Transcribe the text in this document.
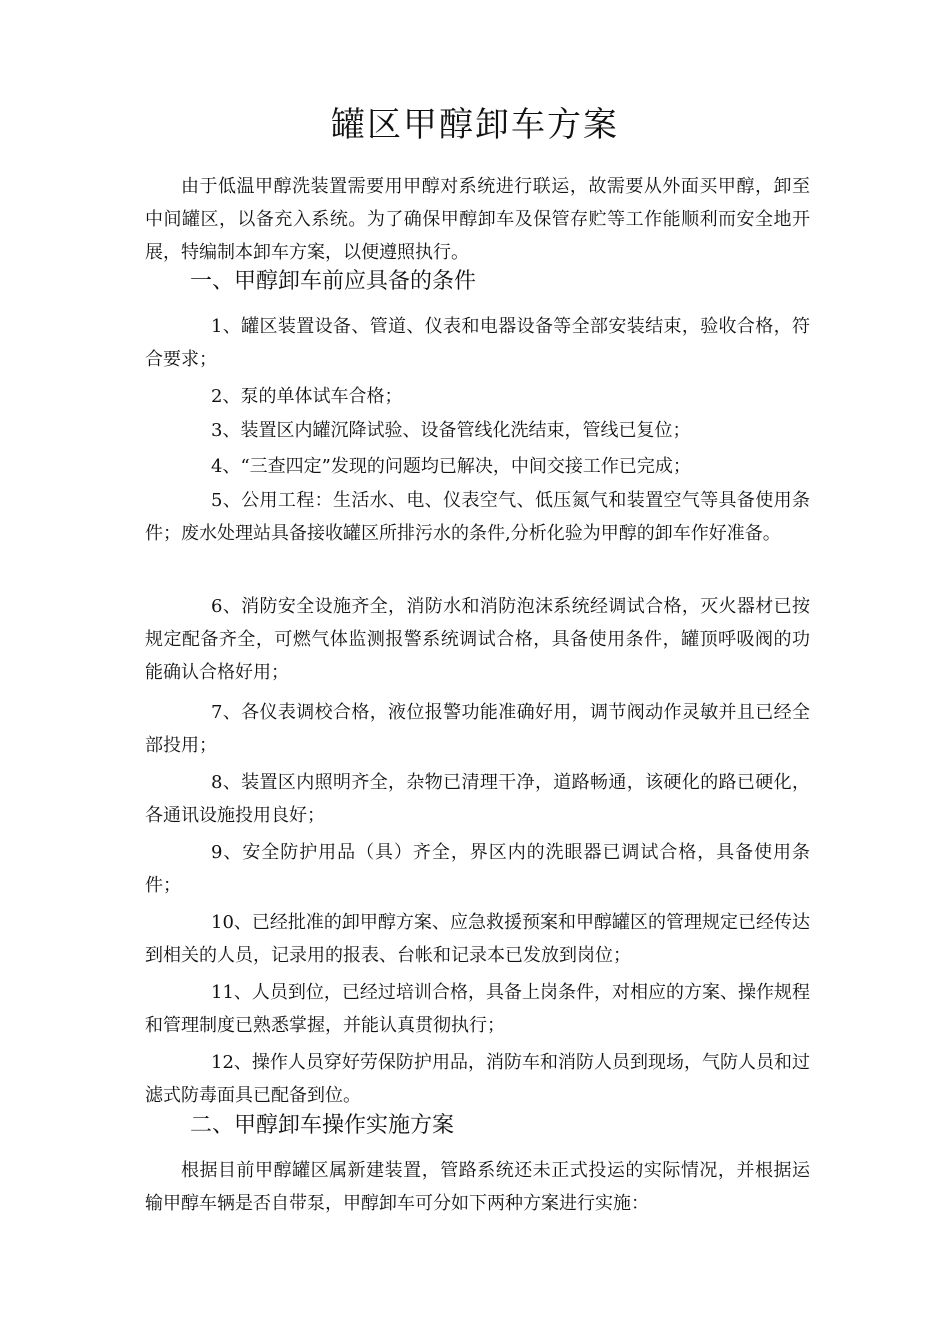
罐区甲醇卸车方案
由于低温甲醇洗装置需要用甲醇对系统进行联运，故需要从外面买甲醇，卸至中间罐区，以备充入系统。为了确保甲醇卸车及保管存贮等工作能顺利而安全地开展，特编制本卸车方案，以便遵照执行。
一、甲醇卸车前应具备的条件
1、罐区装置设备、管道、仪表和电器设备等全部安装结束，验收合格，符合要求；
2、泵的单体试车合格；
3、装置区内罐沉降试验、设备管线化洗结束，管线已复位；
4、“三查四定”发现的问题均已解决，中间交接工作已完成；
5、公用工程：生活水、电、仪表空气、低压氮气和装置空气等具备使用条件；废水处理站具备接收罐区所排污水的条件,分析化验为甲醇的卸车作好准备。
6、消防安全设施齐全，消防水和消防泡沫系统经调试合格，灭火器材已按规定配备齐全，可燃气体监测报警系统调试合格，具备使用条件，罐顶呼吸阀的功能确认合格好用；
7、各仪表调校合格，液位报警功能准确好用，调节阀动作灵敏并且已经全部投用；
8、装置区内照明齐全，杂物已清理干净，道路畅通，该硬化的路已硬化，各通讯设施投用良好；
9、安全防护用品（具）齐全，界区内的洗眼器已调试合格，具备使用条件；
10、已经批准的卸甲醇方案、应急救援预案和甲醇罐区的管理规定已经传达到相关的人员，记录用的报表、台帐和记录本已发放到岗位；
11、人员到位，已经过培训合格，具备上岗条件，对相应的方案、操作规程和管理制度已熟悉掌握，并能认真贯彻执行；
12、操作人员穿好劳保防护用品，消防车和消防人员到现场，气防人员和过滤式防毒面具已配备到位。
二、甲醇卸车操作实施方案
根据目前甲醇罐区属新建装置，管路系统还未正式投运的实际情况，并根据运输甲醇车辆是否自带泵，甲醇卸车可分如下两种方案进行实施：
